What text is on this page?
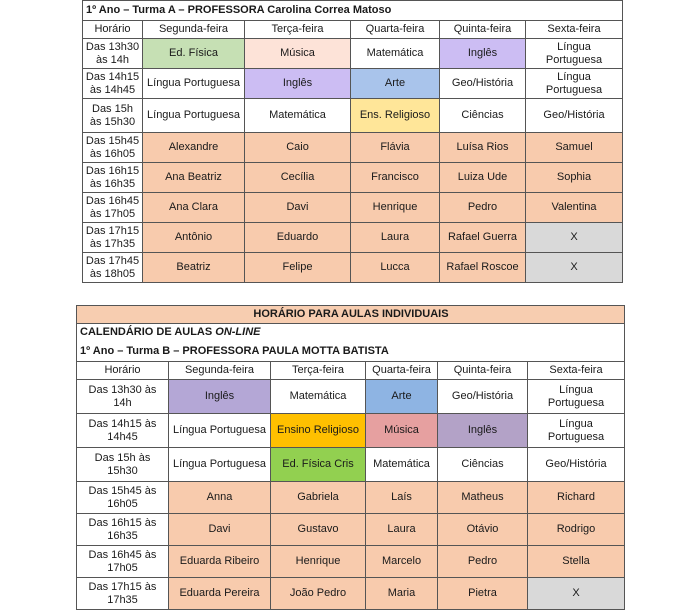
1º Ano – Turma A – PROFESSORA Carolina Correa Matoso					
Horário	Segunda-feira	Terça-feira	Quarta-feira	Quinta-feira	Sexta-feira
Das 13h30 às 14h	Ed. Física	Música	Matemática	Inglês	Língua Portuguesa
Das 14h15 às 14h45	Língua Portuguesa	Inglês	Arte	Geo/História	Língua Portuguesa
Das 15h às 15h30	Língua Portuguesa	Matemática	Ens. Religioso	Ciências	Geo/História
Das 15h45 às 16h05	Alexandre	Caio	Flávia	Luísa Rios	Samuel
Das 16h15 às 16h35	Ana Beatriz	Cecília	Francisco	Luiza Ude	Sophia
Das 16h45 às 17h05	Ana Clara	Davi	Henrique	Pedro	Valentina
Das 17h15 às 17h35	Antônio	Eduardo	Laura	Rafael Guerra	X
Das 17h45 às 18h05	Beatriz	Felipe	Lucca	Rafael Roscoe	X
HORÁRIO PARA AULAS INDIVIDUAIS					
CALENDÁRIO DE AULAS ON-LINE					
1º Ano – Turma B – PROFESSORA PAULA MOTTA BATISTA					
Horário	Segunda-feira	Terça-feira	Quarta-feira	Quinta-feira	Sexta-feira
Das 13h30 às 14h	Inglês	Matemática	Arte	Geo/História	Língua Portuguesa
Das 14h15 às 14h45	Língua Portuguesa	Ensino Religioso	Música	Inglês	Língua Portuguesa
Das 15h às 15h30	Língua Portuguesa	Ed. Física Cris	Matemática	Ciências	Geo/História
Das 15h45 às 16h05	Anna	Gabriela	Laís	Matheus	Richard
Das 16h15 às 16h35	Davi	Gustavo	Laura	Otávio	Rodrigo
Das 16h45 às 17h05	Eduarda Ribeiro	Henrique	Marcelo	Pedro	Stella
Das 17h15 às 17h35	Eduarda Pereira	João Pedro	Maria	Pietra	X
